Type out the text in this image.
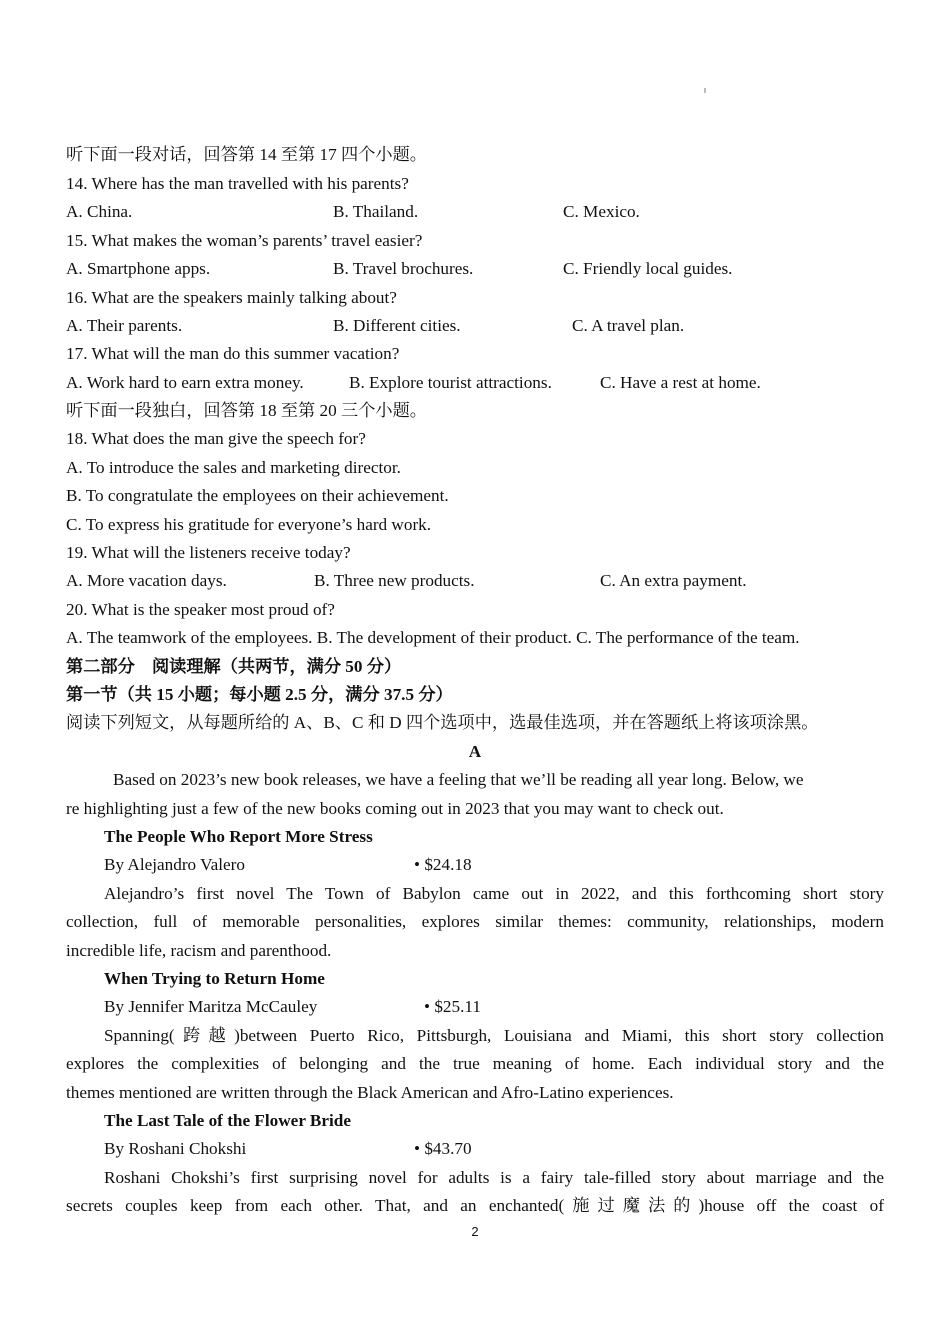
听下面一段对话，回答第 14 至第 17 四个小题。
14. Where has the man travelled with his parents?
A. China.	B. Thailand.	C. Mexico.
15. What makes the woman’s parents’ travel easier?
A. Smartphone apps.	B. Travel brochures.	C. Friendly local guides.
16. What are the speakers mainly talking about?
A. Their parents.	B. Different cities.	C. A travel plan.
17. What will the man do this summer vacation?
A. Work hard to earn extra money.	B. Explore tourist attractions.	C. Have a rest at home.
听下面一段独白，回答第 18 至第 20 三个小题。
18. What does the man give the speech for?
A. To introduce the sales and marketing director.
B. To congratulate the employees on their achievement.
C. To express his gratitude for everyone’s hard work.
19. What will the listeners receive today?
A. More vacation days.	B. Three new products.	C. An extra payment.
20. What is the speaker most proud of?
A. The teamwork of the employees. B. The development of their product. C. The performance of the team.
第二部分　阅读理解（共两节，满分 50 分）
第一节（共 15 小题；每小题 2.5 分，满分 37.5 分）
阅读下列短文，从每题所给的 A、B、C 和 D 四个选项中，选最佳选项，并在答题纸上将该项涂黑。
A
Based on 2023’s new book releases, we have a feeling that we’ll be reading all year long. Below, we
re highlighting just a few of the new books coming out in 2023 that you may want to check out.
The People Who Report More Stress
By Alejandro Valero	• $24.18
Alejandro’s first novel The Town of Babylon came out in 2022, and this forthcoming short story
collection, full of memorable personalities, explores similar themes: community, relationships, modern
incredible life, racism and parenthood.
When Trying to Return Home
By Jennifer Maritza McCauley	• $25.11
Spanning(跨越)between Puerto Rico, Pittsburgh, Louisiana and Miami, this short story collection
explores the complexities of belonging and the true meaning of home. Each individual story and the
themes mentioned are written through the Black American and Afro-Latino experiences.
The Last Tale of the Flower Bride
By Roshani Chokshi	• $43.70
Roshani Chokshi’s first surprising novel for adults is a fairy tale-filled story about marriage and the
secrets couples keep from each other. That, and an enchanted(施过魔法的)house off the coast of
2
